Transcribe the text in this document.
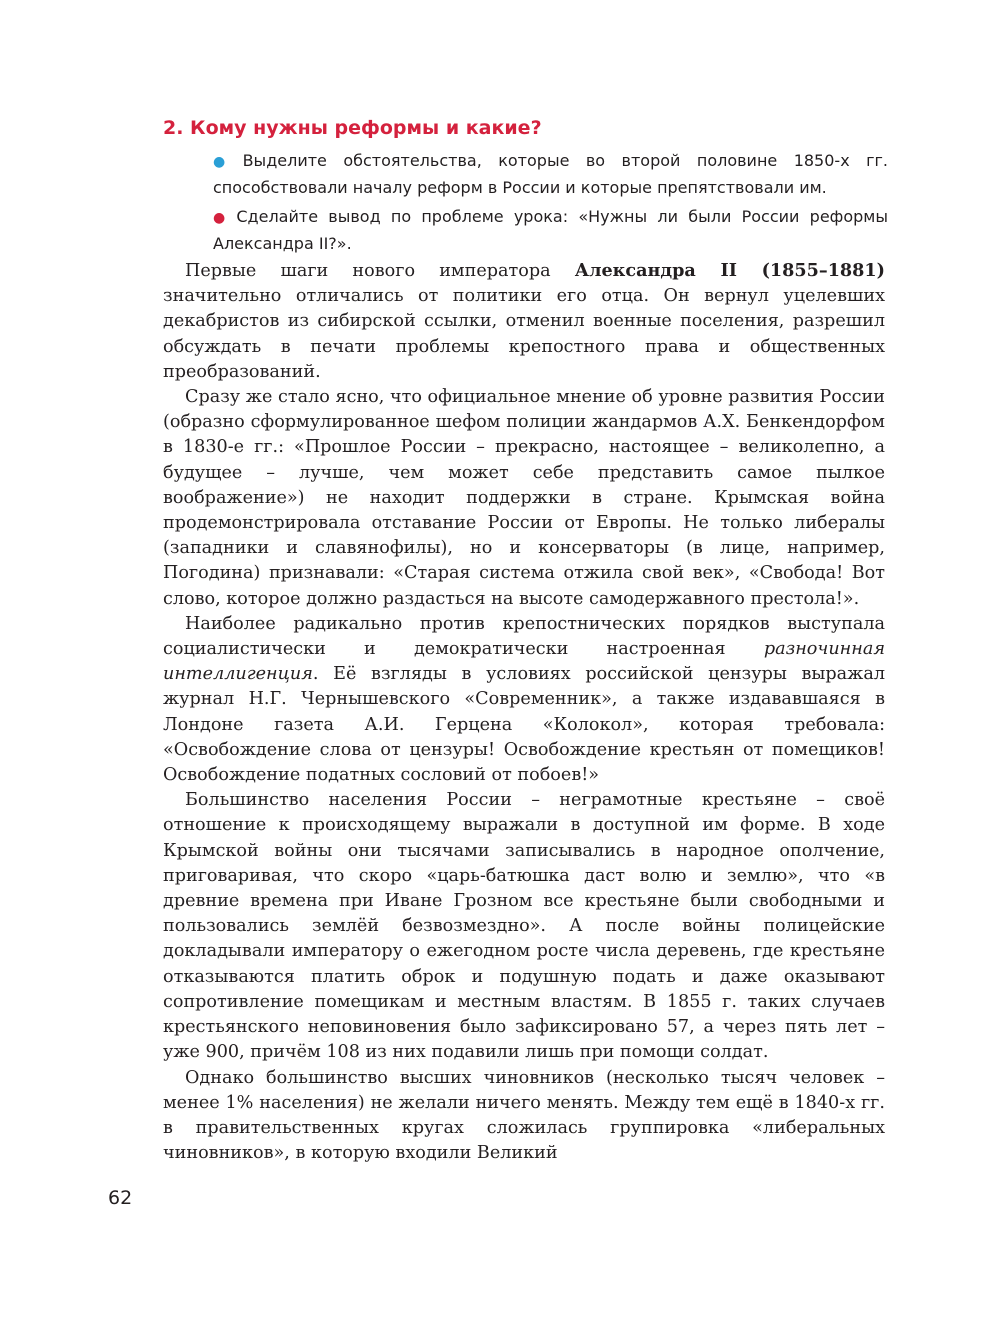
2. Кому нужны реформы и какие?

● Выделите обстоятельства, которые во второй половине 1850-х гг. способствовали началу реформ в России и которые препятствовали им.

● Сделайте вывод по проблеме урока: «Нужны ли были России реформы Александра II?».

Первые шаги нового императора Александра II (1855–1881) значительно отличались от политики его отца. Он вернул уцелевших декабристов из сибирской ссылки, отменил военные поселения, разрешил обсуждать в печати проблемы крепостного права и общественных преобразований.

Сразу же стало ясно, что официальное мнение об уровне развития России (образно сформулированное шефом полиции жандармов А.Х. Бенкендорфом в 1830-е гг.: «Прошлое России – прекрасно, настоящее – великолепно, а будущее – лучше, чем может себе представить самое пылкое воображение») не находит поддержки в стране. Крымская война продемонстрировала отставание России от Европы. Не только либералы (западники и славянофилы), но и консерваторы (в лице, например, Погодина) признавали: «Старая система отжила свой век», «Свобода! Вот слово, которое должно раздасться на высоте самодержавного престола!».

Наиболее радикально против крепостнических порядков выступала социалистически и демократически настроенная разночинная интеллигенция. Её взгляды в условиях российской цензуры выражал журнал Н.Г. Чернышевского «Современник», а также издававшаяся в Лондоне газета А.И. Герцена «Колокол», которая требовала: «Освобождение слова от цензуры! Освобождение крестьян от помещиков! Освобождение податных сословий от побоев!»

Большинство населения России – неграмотные крестьяне – своё отношение к происходящему выражали в доступной им форме. В ходе Крымской войны они тысячами записывались в народное ополчение, приговаривая, что скоро «царь-батюшка даст волю и землю», что «в древние времена при Иване Грозном все крестьяне были свободными и пользовались землёй безвозмездно». А после войны полицейские докладывали императору о ежегодном росте числа деревень, где крестьяне отказываются платить оброк и подушную подать и даже оказывают сопротивление помещикам и местным властям. В 1855 г. таких случаев крестьянского неповиновения было зафиксировано 57, а через пять лет – уже 900, причём 108 из них подавили лишь при помощи солдат.

Однако большинство высших чиновников (несколько тысяч человек – менее 1% населения) не желали ничего менять. Между тем ещё в 1840-х гг. в правительственных кругах сложилась группировка «либеральных чиновников», в которую входили Великий

62
